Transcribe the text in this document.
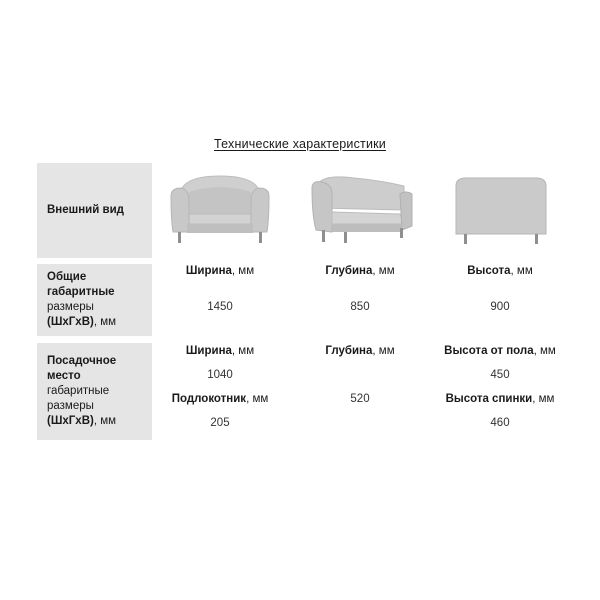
Технические характеристики
Внешний вид
Общие габаритные
размеры
(ШхГхВ), мм
Посадочное место
габаритные размеры
(ШхГхВ), мм
Ширина, мм
1450
Глубина, мм
850
Высота, мм
900
Ширина, мм
1040
Подлокотник, мм
205
Глубина, мм
520
Высота от пола, мм
450
Высота спинки, мм
460
